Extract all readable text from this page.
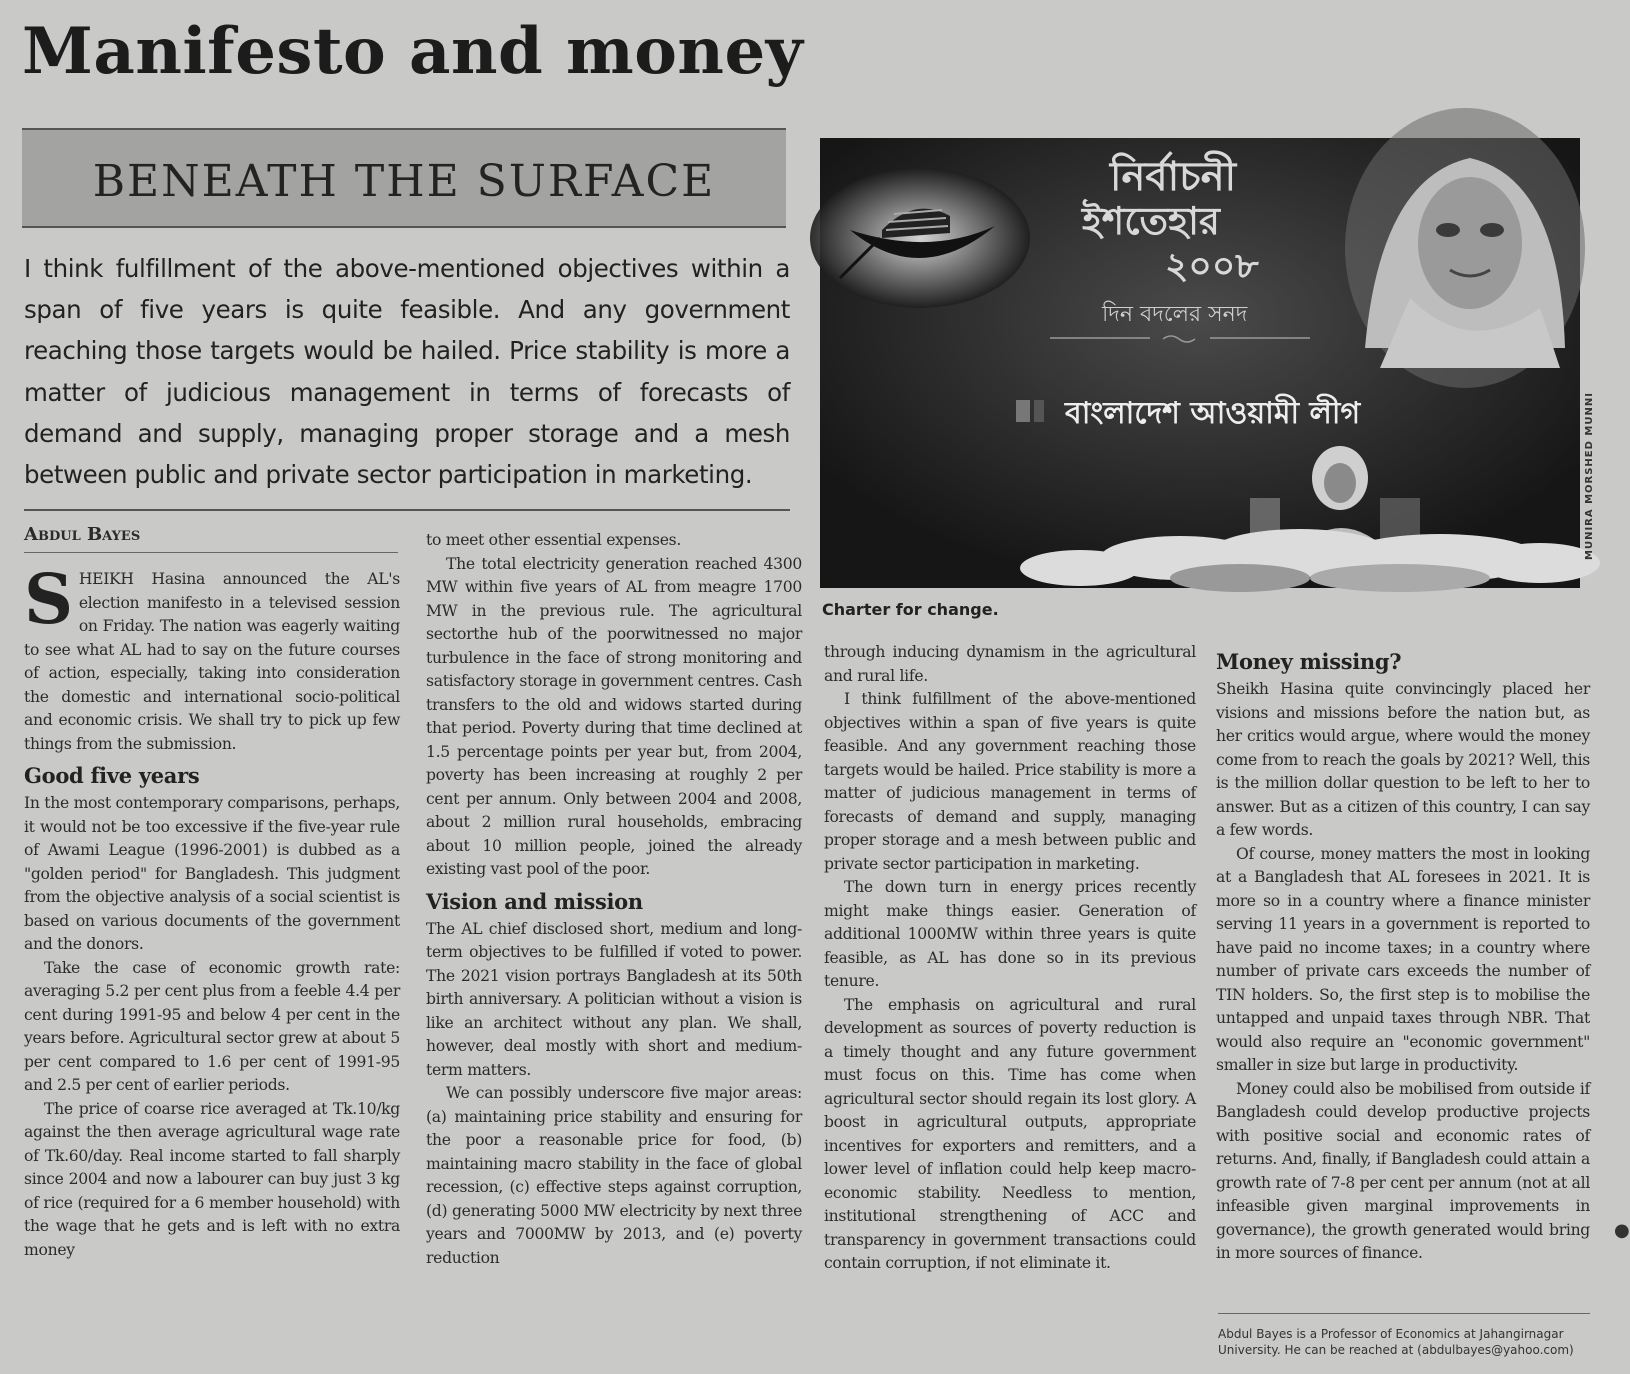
Manifesto and money
BENEATH THE SURFACE

I think fulfillment of the above-mentioned objectives within a span of five years is quite feasible. And any government reaching those targets would be hailed. Price stability is more a matter of judicious management in terms of forecasts of demand and supply, managing proper storage and a mesh between public and private sector participation in marketing.

Abdul Bayes

নির্বাচনী
ইশতেহার
২০০৮
দিন বদলের সনদ
বাংলাদেশ আওয়ামী লীগ	MUNIRA MORSHED MUNNI

Charter for change.

SHEIKH Hasina announced the AL's election manifesto in a televised session on Friday. The nation was eagerly waiting to see what AL had to say on the future courses of action, especially, taking into consideration the domestic and international socio-political and economic crisis. We shall try to pick up few things from the submission.

Good five years

In the most contemporary comparisons, perhaps, it would not be too excessive if the five-year rule of Awami League (1996-2001) is dubbed as a "golden period" for Bangladesh. This judgment from the objective analysis of a social scientist is based on various documents of the government and the donors.

Take the case of economic growth rate: averaging 5.2 per cent plus from a feeble 4.4 per cent during 1991-95 and below 4 per cent in the years before. Agricultural sector grew at about 5 per cent compared to 1.6 per cent of 1991-95 and 2.5 per cent of earlier periods.

The price of coarse rice averaged at Tk.10/kg against the then average agricultural wage rate of Tk.60/day. Real income started to fall sharply since 2004 and now a labourer can buy just 3 kg of rice (required for a 6 member household) with the wage that he gets and is left with no extra money

to meet other essential expenses.

The total electricity generation reached 4300 MW within five years of AL from meagre 1700 MW in the previous rule. The agricultural sectorthe hub of the poorwitnessed no major turbulence in the face of strong monitoring and satisfactory storage in government centres. Cash transfers to the old and widows started during that period. Poverty during that time declined at 1.5 percentage points per year but, from 2004, poverty has been increasing at roughly 2 per cent per annum. Only between 2004 and 2008, about 2 million rural households, embracing about 10 million people, joined the already existing vast pool of the poor.

Vision and mission

The AL chief disclosed short, medium and long-term objectives to be fulfilled if voted to power. The 2021 vision portrays Bangladesh at its 50th birth anniversary. A politician without a vision is like an architect without any plan. We shall, however, deal mostly with short and medium-term matters.

We can possibly underscore five major areas: (a) maintaining price stability and ensuring for the poor a reasonable price for food, (b) maintaining macro stability in the face of global recession, (c) effective steps against corruption, (d) generating 5000 MW electricity by next three years and 7000MW by 2013, and (e) poverty reduction

through inducing dynamism in the agricultural and rural life.

I think fulfillment of the above-mentioned objectives within a span of five years is quite feasible. And any government reaching those targets would be hailed. Price stability is more a matter of judicious management in terms of forecasts of demand and supply, managing proper storage and a mesh between public and private sector participation in marketing.

The down turn in energy prices recently might make things easier. Generation of additional 1000MW within three years is quite feasible, as AL has done so in its previous tenure.

The emphasis on agricultural and rural development as sources of poverty reduction is a timely thought and any future government must focus on this. Time has come when agricultural sector should regain its lost glory. A boost in agricultural outputs, appropriate incentives for exporters and remitters, and a lower level of inflation could help keep macro-economic stability. Needless to mention, institutional strengthening of ACC and transparency in government transactions could contain corruption, if not eliminate it.

Money missing?

Sheikh Hasina quite convincingly placed her visions and missions before the nation but, as her critics would argue, where would the money come from to reach the goals by 2021? Well, this is the million dollar question to be left to her to answer. But as a citizen of this country, I can say a few words.

Of course, money matters the most in looking at a Bangladesh that AL foresees in 2021. It is more so in a country where a finance minister serving 11 years in a government is reported to have paid no income taxes; in a country where number of private cars exceeds the number of TIN holders. So, the first step is to mobilise the untapped and unpaid taxes through NBR. That would also require an "economic government" smaller in size but large in productivity.

Money could also be mobilised from outside if Bangladesh could develop productive projects with positive social and economic rates of returns. And, finally, if Bangladesh could attain a growth rate of 7-8 per cent per annum (not at all infeasible given marginal improvements in governance), the growth generated would bring in more sources of finance.

Abdul Bayes is a Professor of Economics at Jahangirnagar University. He can be reached at (abdulbayes@yahoo.com)

●
